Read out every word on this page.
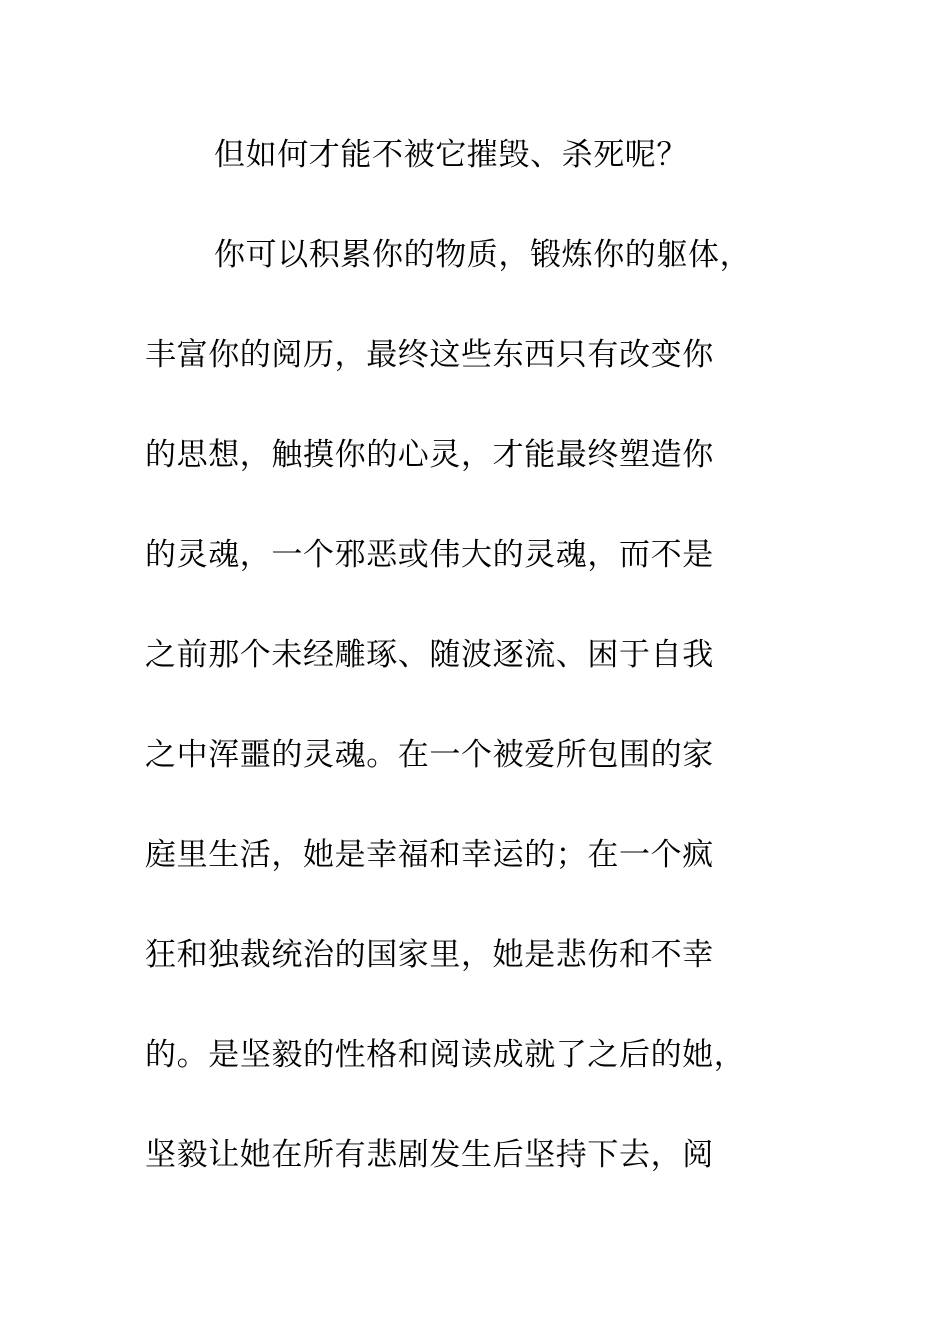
但如何才能不被它摧毁、杀死呢？
你可以积累你的物质，锻炼你的躯体，
丰富你的阅历，最终这些东西只有改变你
的思想，触摸你的心灵，才能最终塑造你
的灵魂，一个邪恶或伟大的灵魂，而不是
之前那个未经雕琢、随波逐流、困于自我
之中浑噩的灵魂。在一个被爱所包围的家
庭里生活，她是幸福和幸运的；在一个疯
狂和独裁统治的国家里，她是悲伤和不幸
的。是坚毅的性格和阅读成就了之后的她，
坚毅让她在所有悲剧发生后坚持下去，阅
